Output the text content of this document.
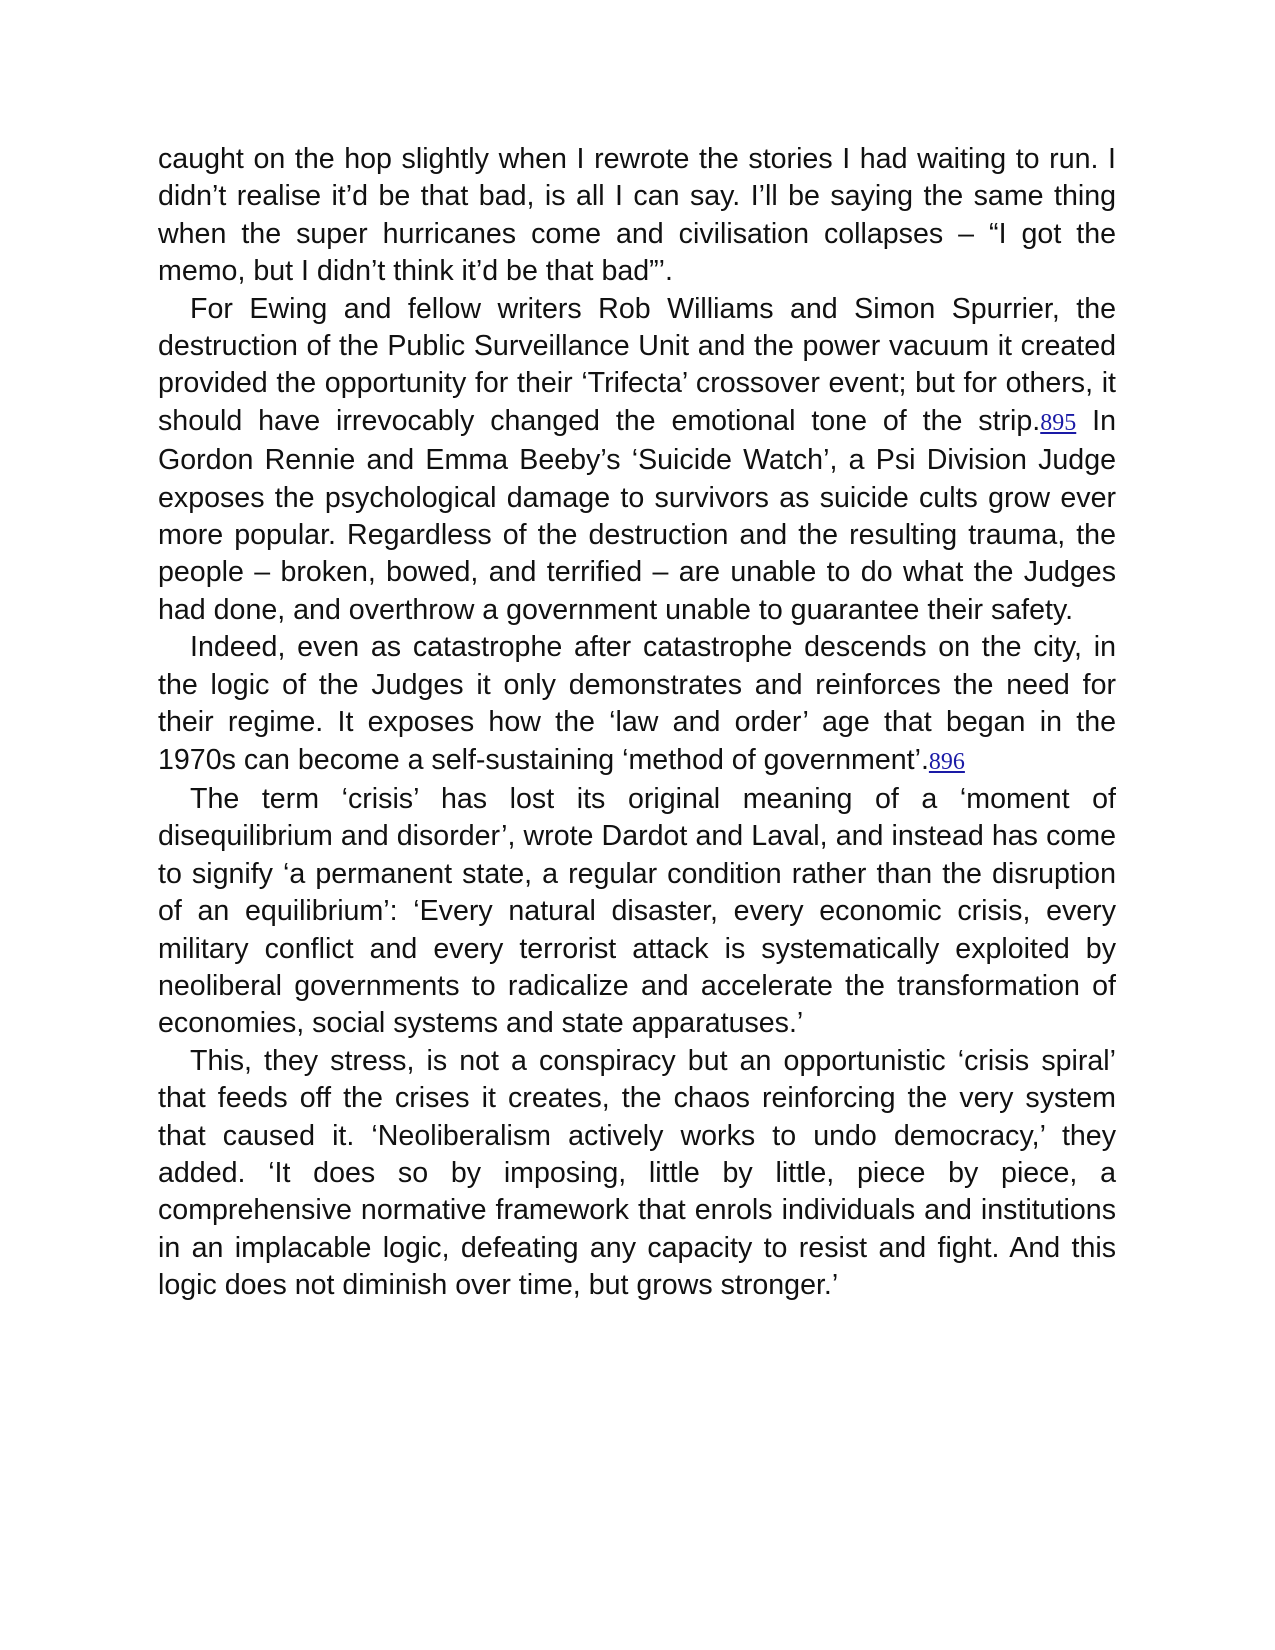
caught on the hop slightly when I rewrote the stories I had waiting to run. I didn’t realise it’d be that bad, is all I can say. I’ll be saying the same thing when the super hurricanes come and civilisation collapses – “I got the memo, but I didn’t think it’d be that bad”’.

For Ewing and fellow writers Rob Williams and Simon Spurrier, the destruction of the Public Surveillance Unit and the power vacuum it created provided the opportunity for their ‘Trifecta’ crossover event; but for others, it should have irrevocably changed the emotional tone of the strip.895 In Gordon Rennie and Emma Beeby’s ‘Suicide Watch’, a Psi Division Judge exposes the psychological damage to survivors as suicide cults grow ever more popular. Regardless of the destruction and the resulting trauma, the people – broken, bowed, and terrified – are unable to do what the Judges had done, and overthrow a government unable to guarantee their safety.

Indeed, even as catastrophe after catastrophe descends on the city, in the logic of the Judges it only demonstrates and reinforces the need for their regime. It exposes how the ‘law and order’ age that began in the 1970s can become a self-sustaining ‘method of government’.896

The term ‘crisis’ has lost its original meaning of a ‘moment of disequilibrium and disorder’, wrote Dardot and Laval, and instead has come to signify ‘a permanent state, a regular condition rather than the disruption of an equilibrium’: ‘Every natural disaster, every economic crisis, every military conflict and every terrorist attack is systematically exploited by neoliberal governments to radicalize and accelerate the transformation of economies, social systems and state apparatuses.’

This, they stress, is not a conspiracy but an opportunistic ‘crisis spiral’ that feeds off the crises it creates, the chaos reinforcing the very system that caused it. ‘Neoliberalism actively works to undo democracy,’ they added. ‘It does so by imposing, little by little, piece by piece, a comprehensive normative framework that enrols individuals and institutions in an implacable logic, defeating any capacity to resist and fight. And this logic does not diminish over time, but grows stronger.’
